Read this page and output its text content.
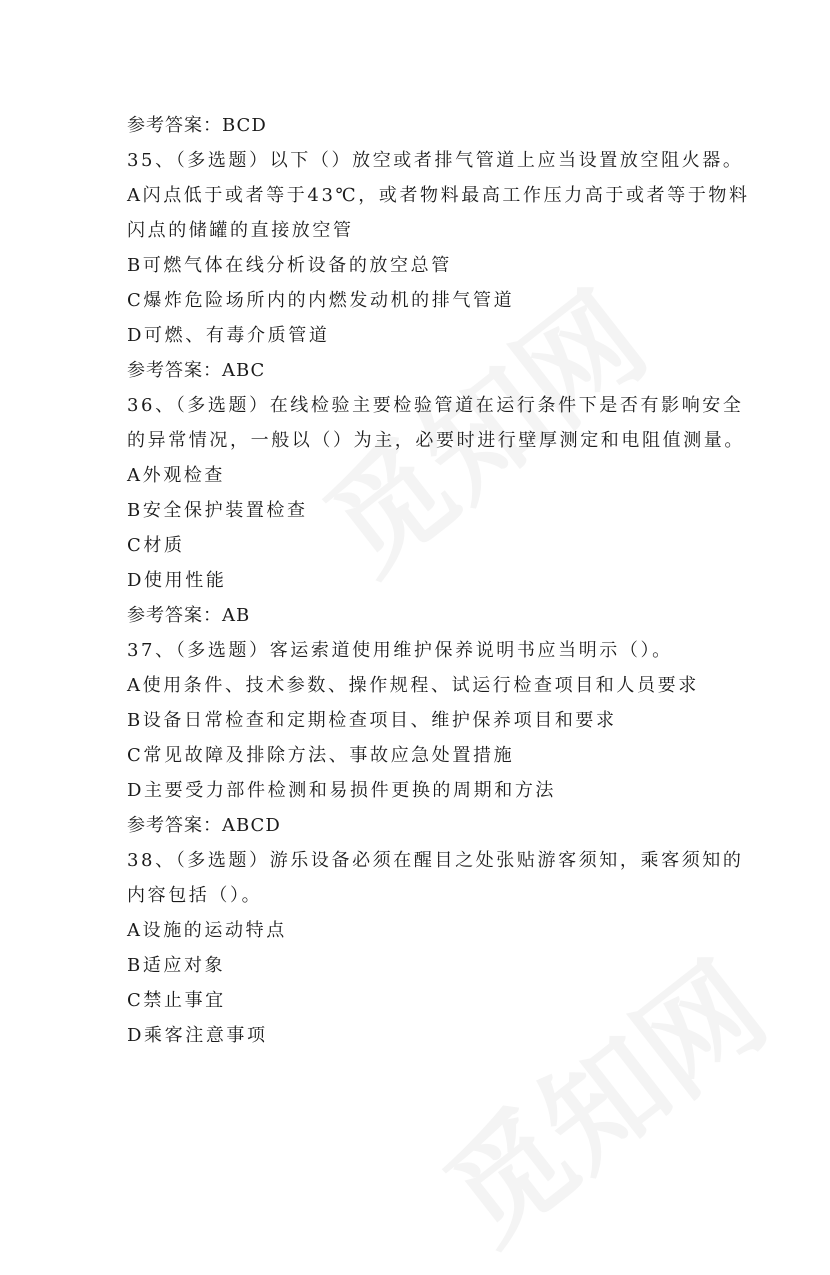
参考答案：BCD
35、（多选题）以下（）放空或者排气管道上应当设置放空阻火器。
A闪点低于或者等于43℃，或者物料最高工作压力高于或者等于物料
闪点的储罐的直接放空管
B可燃气体在线分析设备的放空总管
C爆炸危险场所内的内燃发动机的排气管道
D可燃、有毒介质管道
参考答案：ABC
36、（多选题）在线检验主要检验管道在运行条件下是否有影响安全
的异常情况，一般以（）为主，必要时进行壁厚测定和电阻值测量。
A外观检查
B安全保护装置检查
C材质
D使用性能
参考答案：AB
37、（多选题）客运索道使用维护保养说明书应当明示（）。
A使用条件、技术参数、操作规程、试运行检查项目和人员要求
B设备日常检查和定期检查项目、维护保养项目和要求
C常见故障及排除方法、事故应急处置措施
D主要受力部件检测和易损件更换的周期和方法
参考答案：ABCD
38、（多选题）游乐设备必须在醒目之处张贴游客须知，乘客须知的
内容包括（）。
A设施的运动特点
B适应对象
C禁止事宜
D乘客注意事项
